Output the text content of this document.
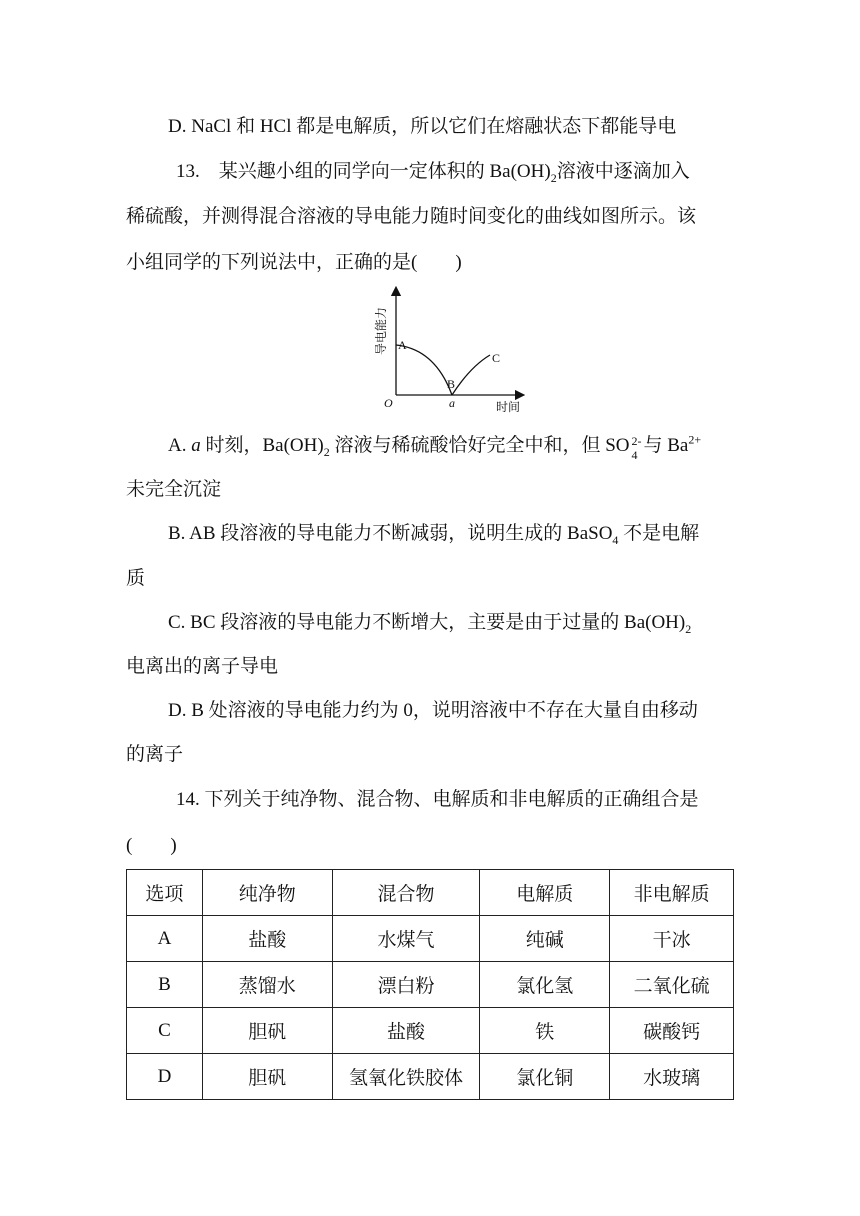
D. NaCl 和 HCl 都是电解质，所以它们在熔融状态下都能导电
13.　某兴趣小组的同学向一定体积的 $Ba(OH)_2$溶液中逐滴加入
稀硫酸，并测得混合溶液的导电能力随时间变化的曲线如图所示。该
小组同学的下列说法中，正确的是(　　)
导电能力
时间
O	a
A
B
C
A. a 时刻，$Ba(OH)_2$ 溶液与稀硫酸恰好完全中和，但 SO 2-
4 与 $Ba^{2+}$
未完全沉淀
B. AB 段溶液的导电能力不断减弱，说明生成的 BaSO$_4$ 不是电解
质
C. BC 段溶液的导电能力不断增大，主要是由于过量的 $Ba(OH)_2$
电离出的离子导电
D. B 处溶液的导电能力约为 0，说明溶液中不存在大量自由移动
的离子
14. 下列关于纯净物、混合物、电解质和非电解质的正确组合是
(　　)
选项	纯净物	混合物	电解质	非电解质
A	盐酸	水煤气	纯碱	干冰
B	蒸馏水	漂白粉	氯化氢	二氧化硫
C	胆矾	盐酸	铁	碳酸钙
D	胆矾	氢氧化铁胶体	氯化铜	水玻璃
